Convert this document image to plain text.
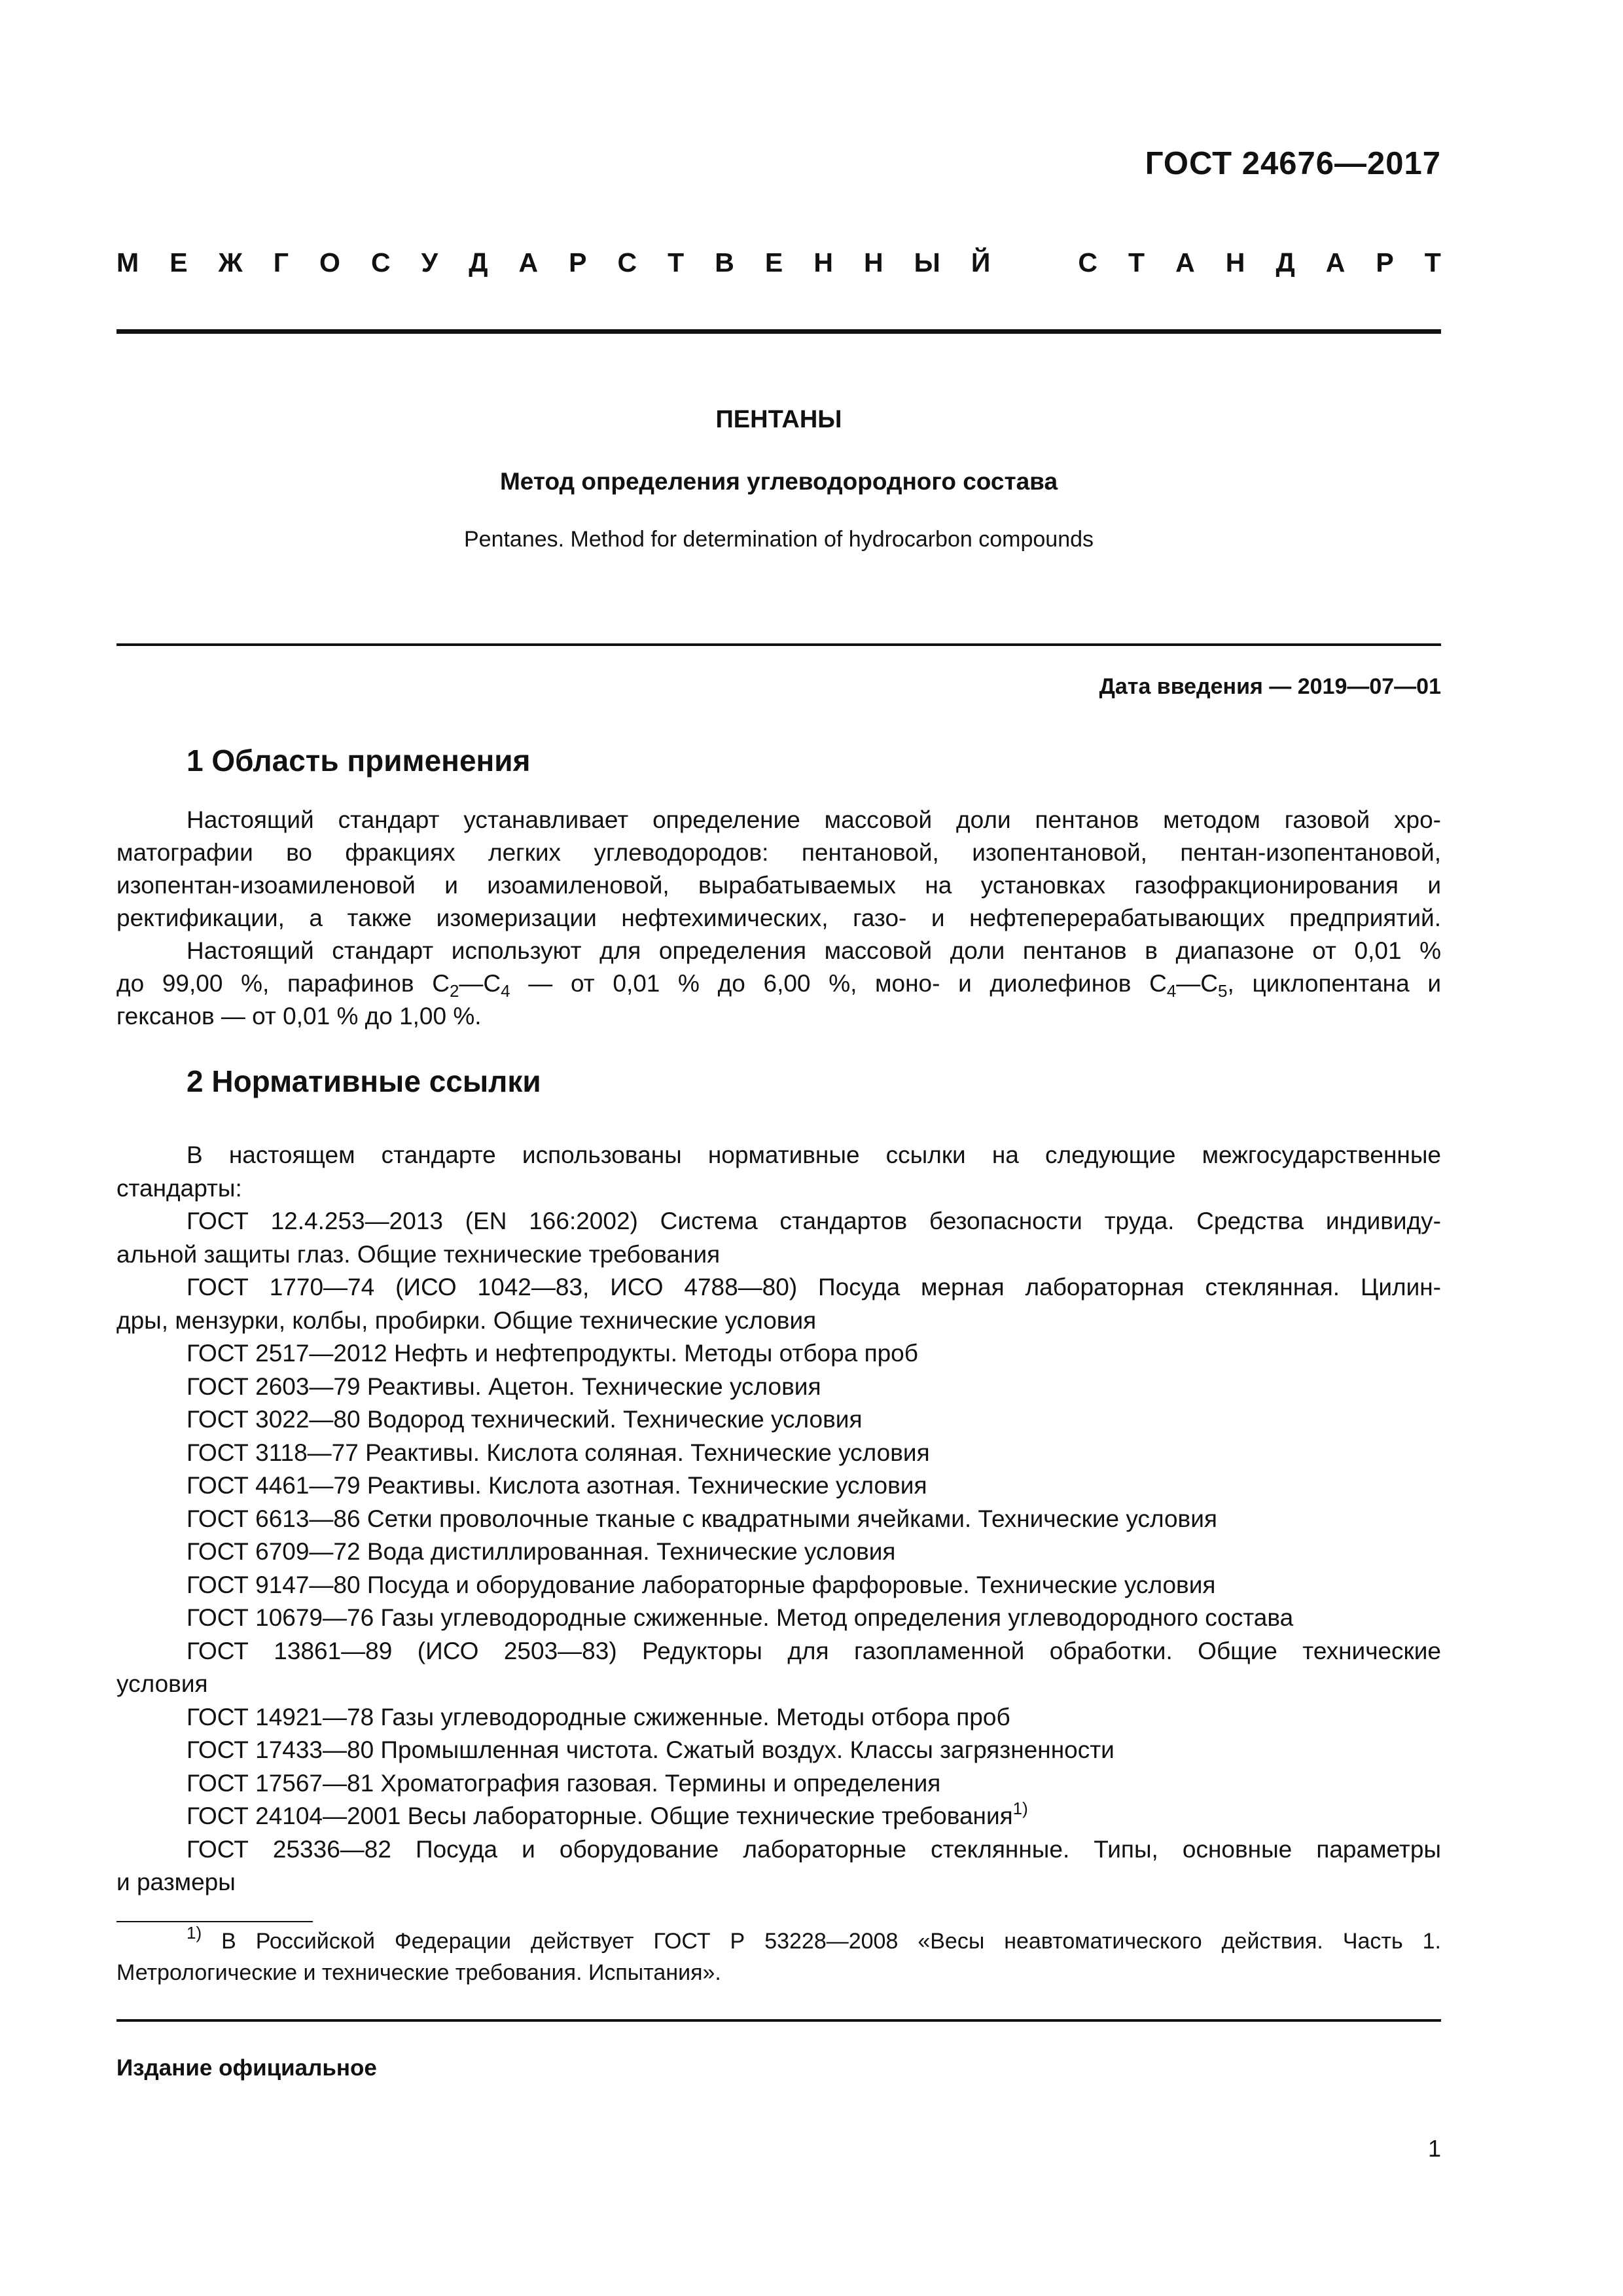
ГОСТ 24676—2017
М Е Ж Г О С У Д А Р С Т В Е Н Н Ы Й	С Т А Н Д А Р Т
ПЕНТАНЫ
Метод определения углеводородного состава
Pentanes. Method for determination of hydrocarbon compounds
Дата введения — 2019—07—01
1 Область применения
Настоящий стандарт устанавливает определение массовой доли пентанов методом газовой хро-
матографии во фракциях легких углеводородов: пентановой, изопентановой, пентан-изопентановой,
изопентан-изоамиленовой и изоамиленовой, вырабатываемых на установках газофракционирования и
ректификации, а также изомеризации нефтехимических, газо- и нефтеперерабатывающих предприятий.
Настоящий стандарт используют для определения массовой доли пентанов в диапазоне от 0,01 %
до 99,00 %, парафинов $С_2—С_4$ — от 0,01 % до 6,00 %, моно- и диолефинов $С_4—С_5$, циклопентана и
гексанов — от 0,01 % до 1,00 %.
2 Нормативные ссылки
В настоящем стандарте использованы нормативные ссылки на следующие межгосударственные
стандарты:
ГОСТ 12.4.253—2013 (EN 166:2002) Система стандартов безопасности труда. Средства индивиду-
альной защиты глаз. Общие технические требования
ГОСТ 1770—74 (ИСО 1042—83, ИСО 4788—80) Посуда мерная лабораторная стеклянная. Цилин-
дры, мензурки, колбы, пробирки. Общие технические условия
ГОСТ 2517—2012 Нефть и нефтепродукты. Методы отбора проб
ГОСТ 2603—79 Реактивы. Ацетон. Технические условия
ГОСТ 3022—80 Водород технический. Технические условия
ГОСТ 3118—77 Реактивы. Кислота соляная. Технические условия
ГОСТ 4461—79 Реактивы. Кислота азотная. Технические условия
ГОСТ 6613—86 Сетки проволочные тканые с квадратными ячейками. Технические условия
ГОСТ 6709—72 Вода дистиллированная. Технические условия
ГОСТ 9147—80 Посуда и оборудование лабораторные фарфоровые. Технические условия
ГОСТ 10679—76 Газы углеводородные сжиженные. Метод определения углеводородного состава
ГОСТ 13861—89 (ИСО 2503—83) Редукторы для газопламенной обработки. Общие технические
условия
ГОСТ 14921—78 Газы углеводородные сжиженные. Методы отбора проб
ГОСТ 17433—80 Промышленная чистота. Сжатый воздух. Классы загрязненности
ГОСТ 17567—81 Хроматография газовая. Термины и определения
ГОСТ 24104—2001 Весы лабораторные. Общие технические требования$^{1)}$
ГОСТ 25336—82 Посуда и оборудование лабораторные стеклянные. Типы, основные параметры
и размеры
$^{1)}$ В Российской Федерации действует ГОСТ Р 53228—2008 «Весы неавтоматического действия. Часть 1.
Метрологические и технические требования. Испытания».
Издание официальное
1
